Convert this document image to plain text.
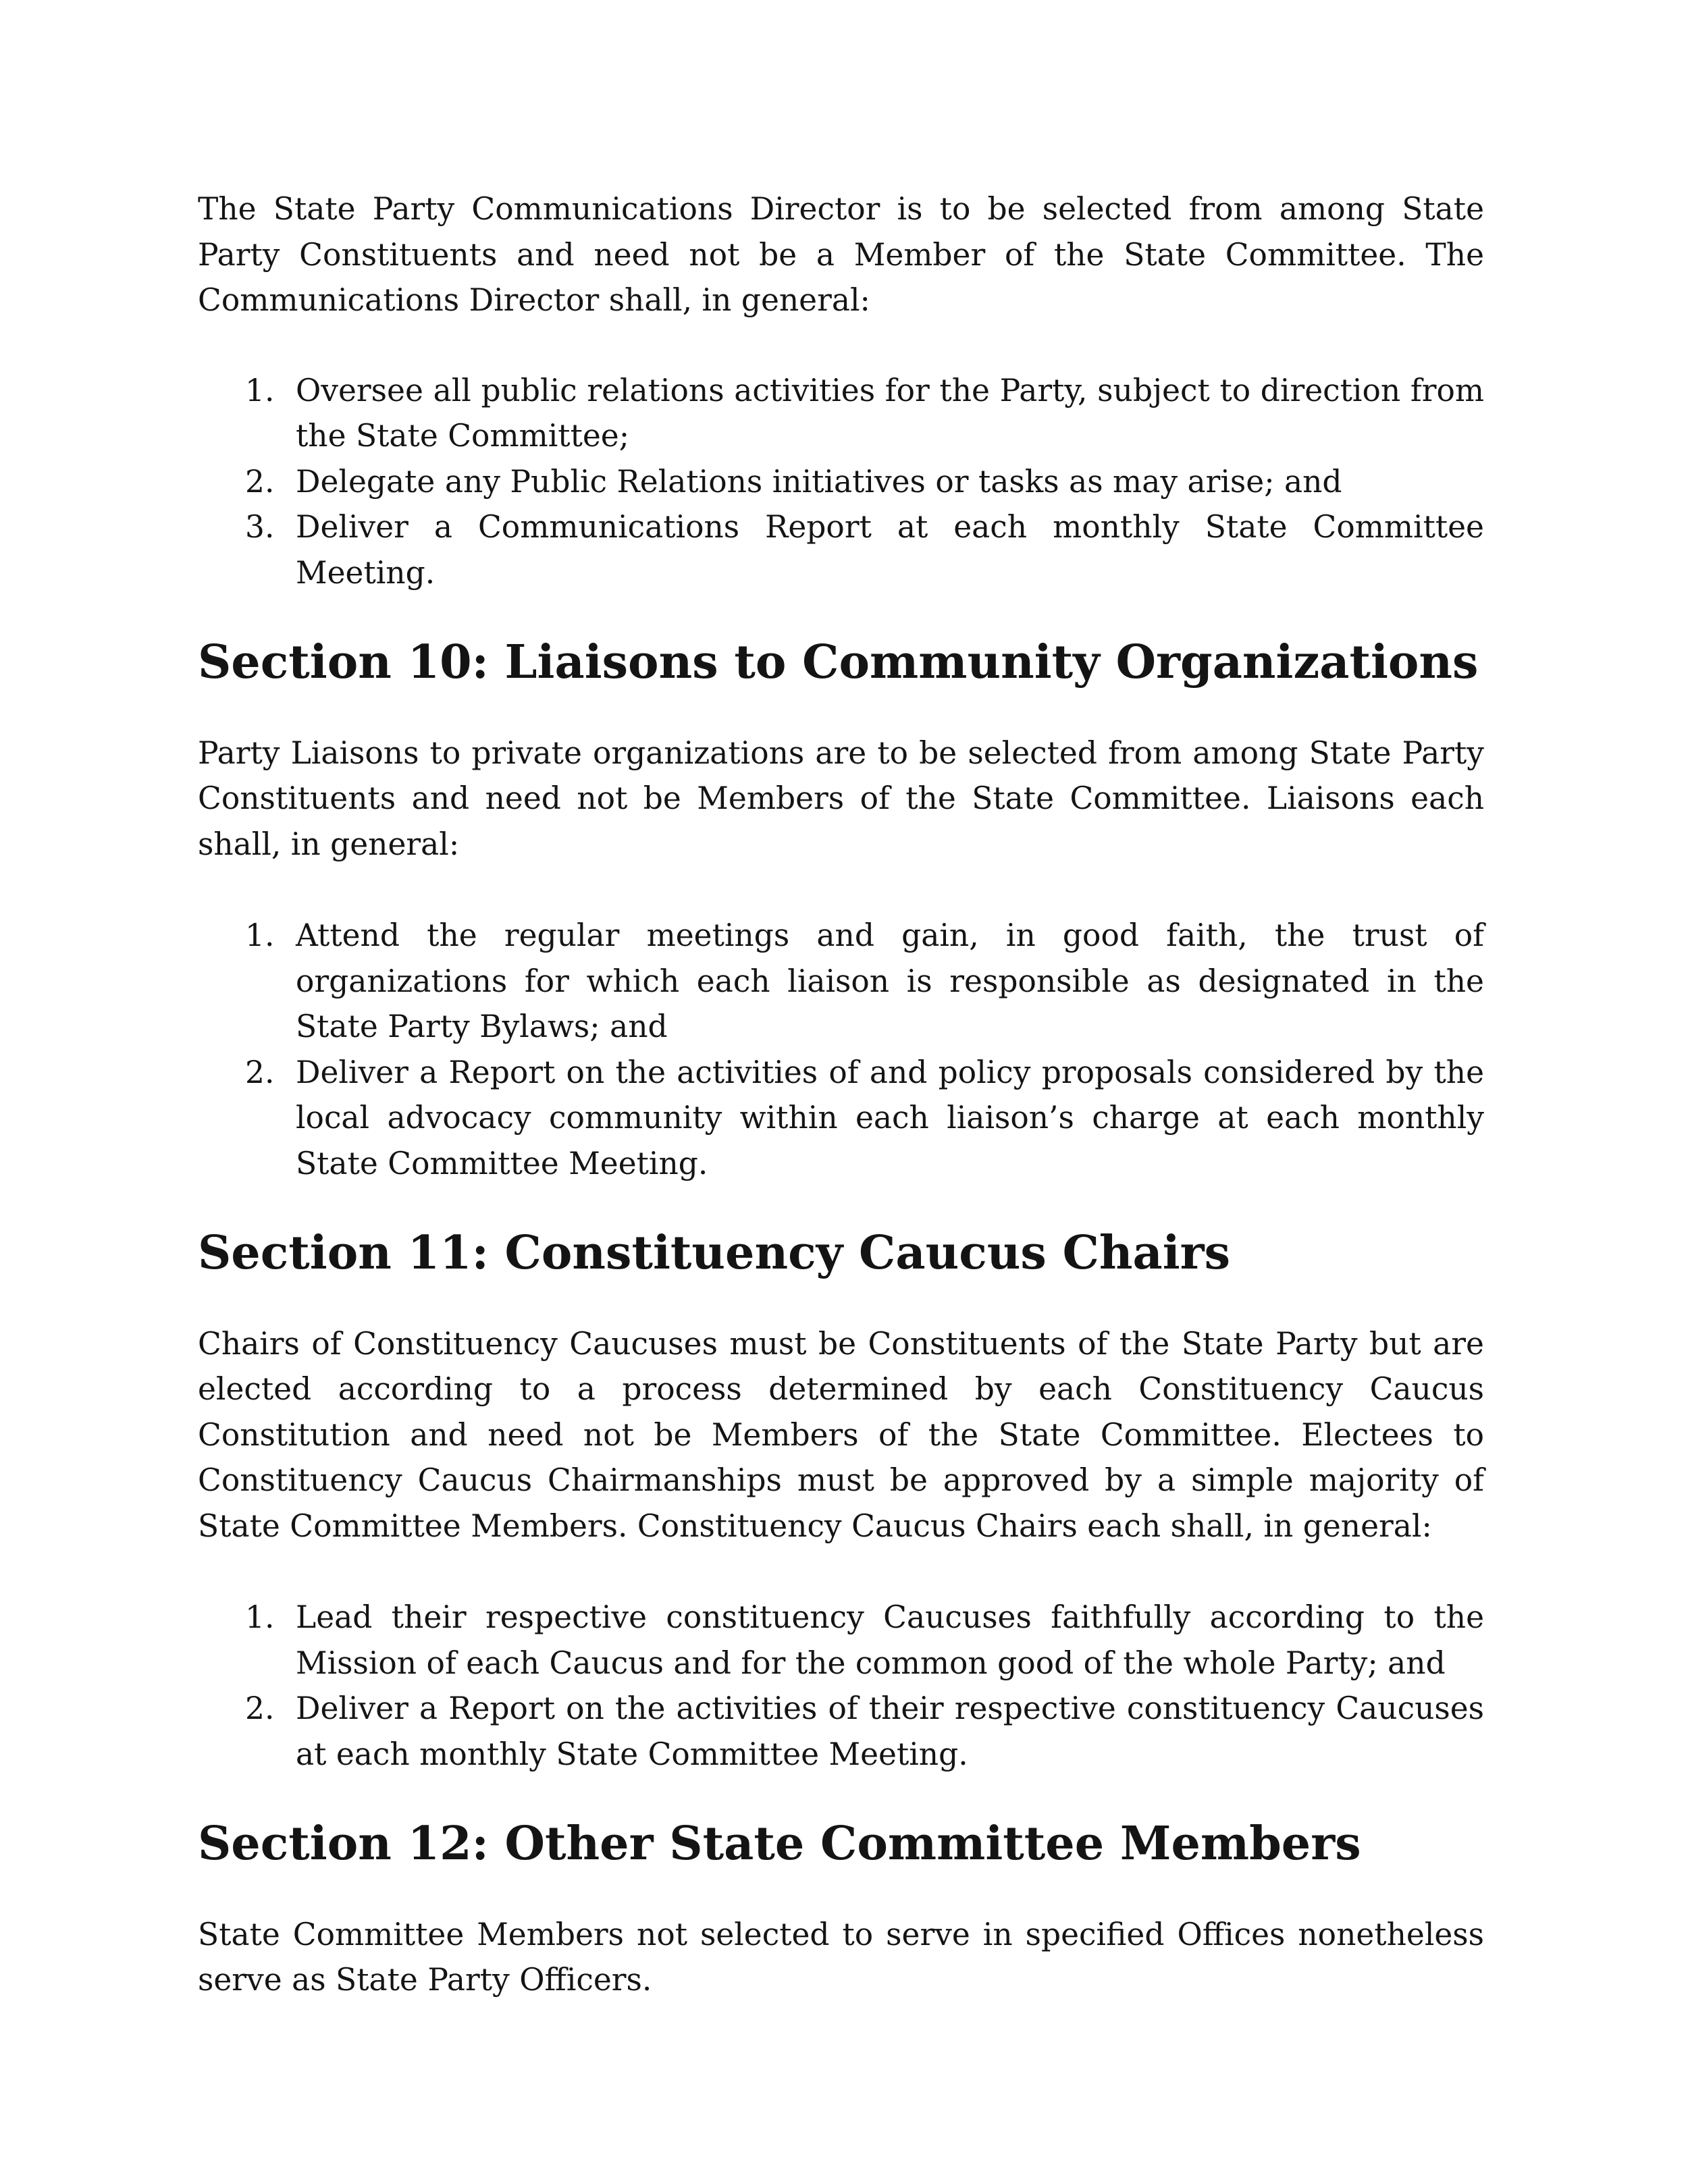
The State Party Communications Director is to be selected from among State Party Constituents and need not be a Member of the State Committee. The Communications Director shall, in general:

1. Oversee all public relations activities for the Party, subject to direction from the State Committee;
2. Delegate any Public Relations initiatives or tasks as may arise; and
3. Deliver a Communications Report at each monthly State Committee Meeting.
Section 10: Liaisons to Community Organizations

Party Liaisons to private organizations are to be selected from among State Party Constituents and need not be Members of the State Committee. Liaisons each shall, in general:

1. Attend the regular meetings and gain, in good faith, the trust of organizations for which each liaison is responsible as designated in the State Party Bylaws; and
2. Deliver a Report on the activities of and policy proposals considered by the local advocacy community within each liaison’s charge at each monthly State Committee Meeting.
Section 11: Constituency Caucus Chairs

Chairs of Constituency Caucuses must be Constituents of the State Party but are elected according to a process determined by each Constituency Caucus Constitution and need not be Members of the State Committee. Electees to Constituency Caucus Chairmanships must be approved by a simple majority of State Committee Members. Constituency Caucus Chairs each shall, in general:

1. Lead their respective constituency Caucuses faithfully according to the Mission of each Caucus and for the common good of the whole Party; and
2. Deliver a Report on the activities of their respective constituency Caucuses at each monthly State Committee Meeting.
Section 12: Other State Committee Members

State Committee Members not selected to serve in specified Offices nonetheless serve as State Party Officers.
